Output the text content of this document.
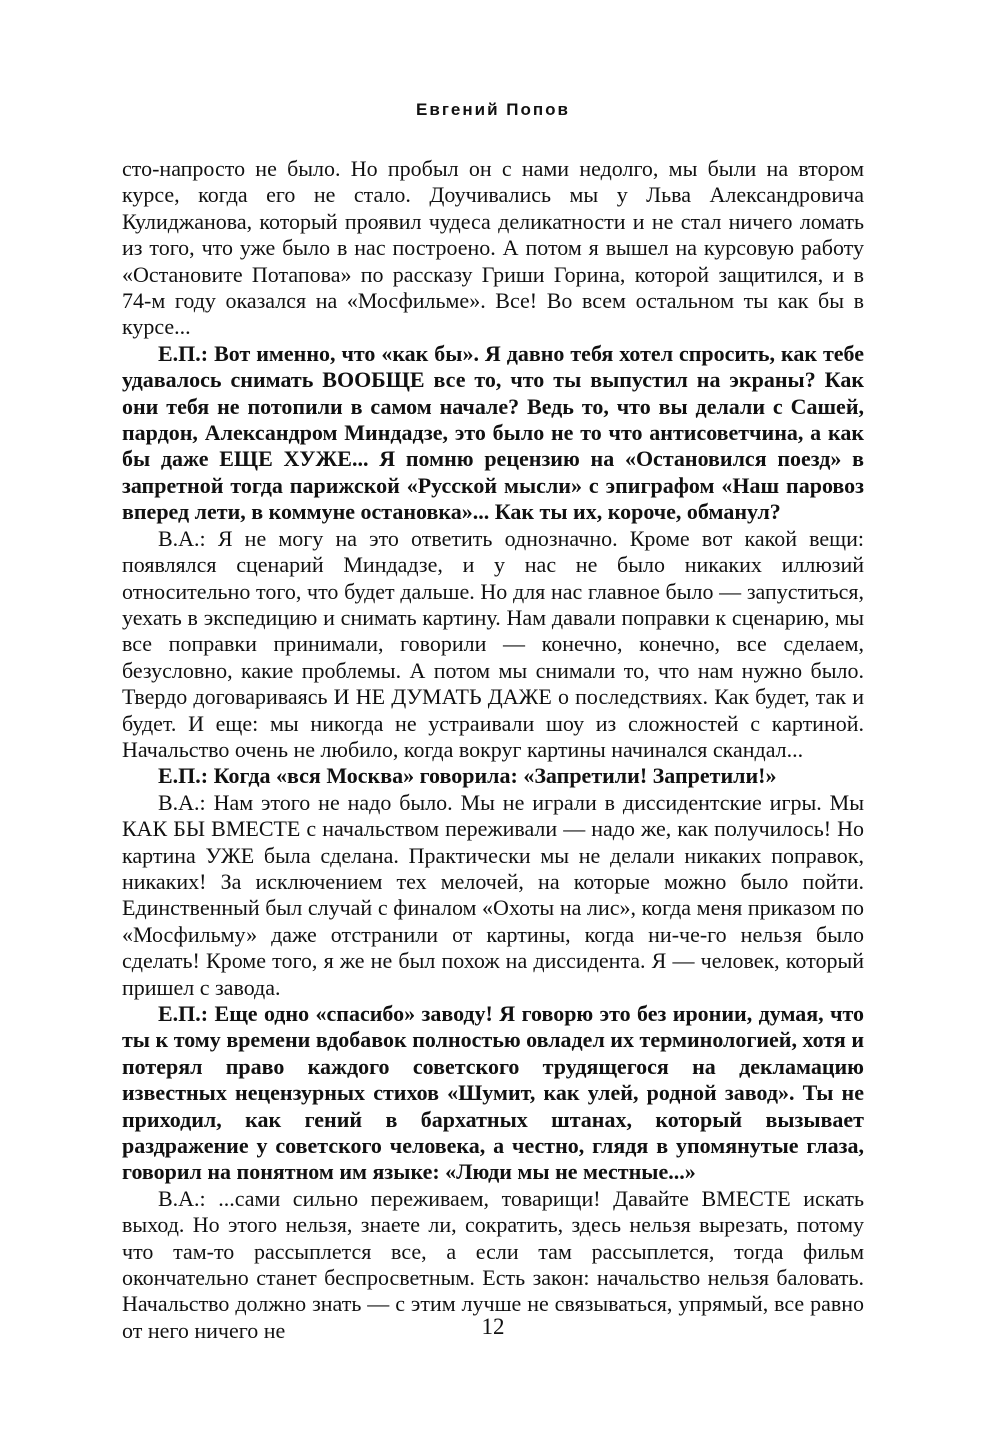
Евгений Попов

сто-напросто не было. Но пробыл он с нами недолго, мы были на втором курсе, когда его не стало. Доучивались мы у Льва Александровича Кулиджанова, который проявил чудеса деликатности и не стал ничего ломать из того, что уже было в нас построено. А потом я вышел на курсовую работу «Остановите Потапова» по рассказу Гриши Горина, которой защитился, и в 74-м году оказался на «Мосфильме». Все! Во всем остальном ты как бы в курсе...

Е.П.: Вот именно, что «как бы». Я давно тебя хотел спросить, как тебе удавалось снимать ВООБЩЕ все то, что ты выпустил на экраны? Как они тебя не потопили в самом начале? Ведь то, что вы делали с Сашей, пардон, Александром Миндадзе, это было не то что антисоветчина, а как бы даже ЕЩЕ ХУЖЕ... Я помню рецензию на «Остановился поезд» в запретной тогда парижской «Русской мысли» с эпиграфом «Наш паровоз вперед лети, в коммуне остановка»... Как ты их, короче, обманул?

В.А.: Я не могу на это ответить однозначно. Кроме вот какой вещи: появлялся сценарий Миндадзе, и у нас не было никаких иллюзий относительно того, что будет дальше. Но для нас главное было — запуститься, уехать в экспедицию и снимать картину. Нам давали поправки к сценарию, мы все поправки принимали, говорили — конечно, конечно, все сделаем, безусловно, какие проблемы. А потом мы снимали то, что нам нужно было. Твердо договариваясь И НЕ ДУМАТЬ ДАЖЕ о последствиях. Как будет, так и будет. И еще: мы никогда не устраивали шоу из сложностей с картиной. Начальство очень не любило, когда вокруг картины начинался скандал...

Е.П.: Когда «вся Москва» говорила: «Запретили! Запретили!»

В.А.: Нам этого не надо было. Мы не играли в диссидентские игры. Мы КАК БЫ ВМЕСТЕ с начальством переживали — надо же, как получилось! Но картина УЖЕ была сделана. Практически мы не делали никаких поправок, никаких! За исключением тех мелочей, на которые можно было пойти. Единственный был случай с финалом «Охоты на лис», когда меня приказом по «Мосфильму» даже отстранили от картины, когда ни-че-го нельзя было сделать! Кроме того, я же не был похож на диссидента. Я — человек, который пришел с завода.

Е.П.: Еще одно «спасибо» заводу! Я говорю это без иронии, думая, что ты к тому времени вдобавок полностью овладел их терминологией, хотя и потерял право каждого советского трудящегося на декламацию известных нецензурных стихов «Шумит, как улей, родной завод». Ты не приходил, как гений в бархатных штанах, который вызывает раздражение у советского человека, а честно, глядя в упомянутые глаза, говорил на понятном им языке: «Люди мы не местные...»

В.А.: ...сами сильно переживаем, товарищи! Давайте ВМЕСТЕ искать выход. Но этого нельзя, знаете ли, сократить, здесь нельзя вырезать, потому что там-то рассыплется все, а если там рассыплется, тогда фильм окончательно станет беспросветным. Есть закон: начальство нельзя баловать. Начальство должно знать — с этим лучше не связываться, упрямый, все равно от него ничего не	12
